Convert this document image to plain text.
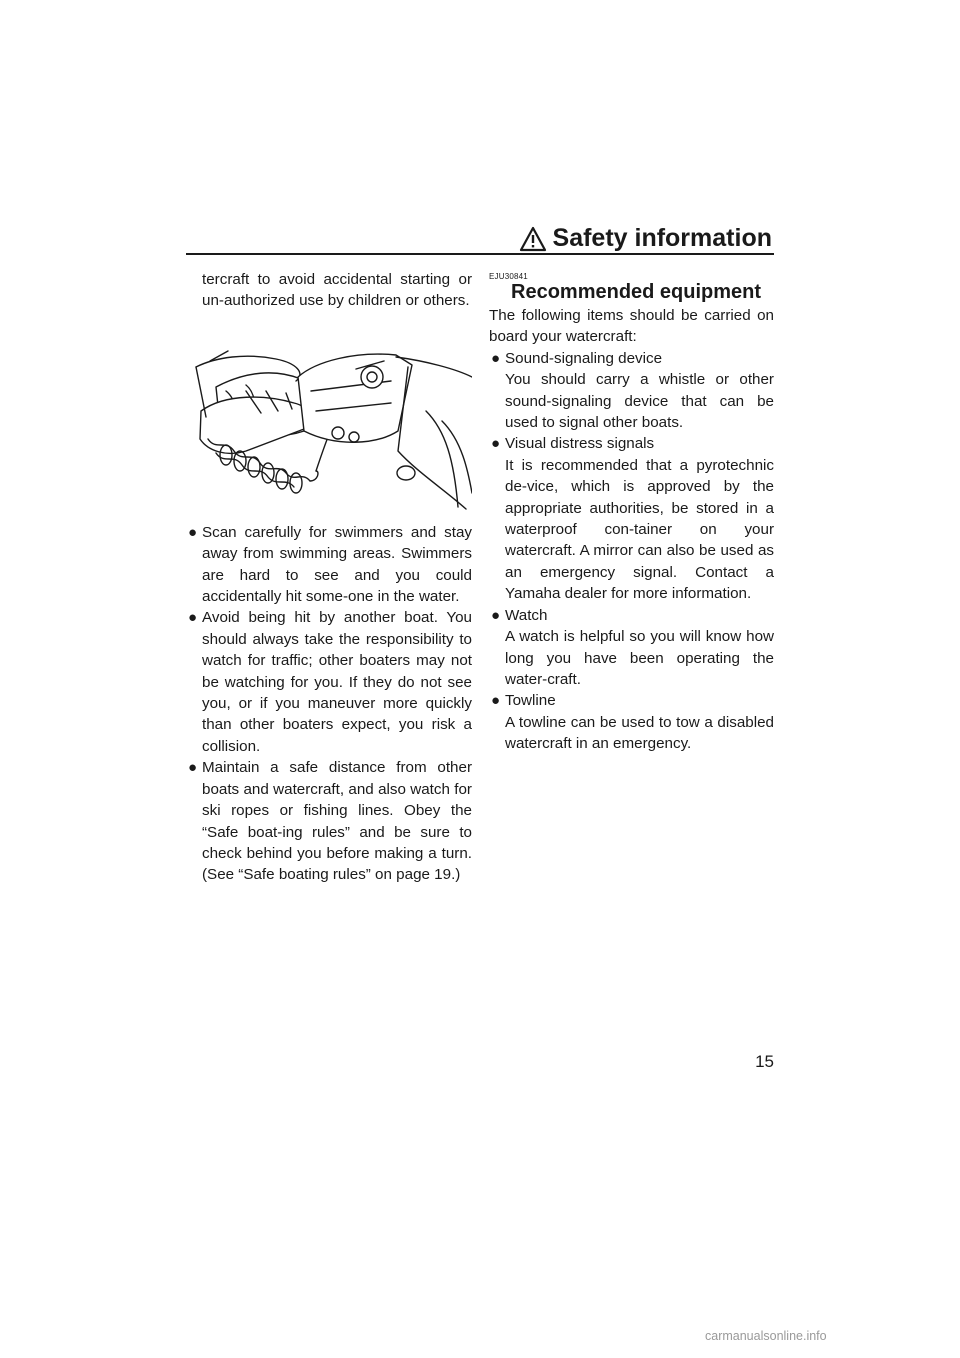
Safety information

tercraft to avoid accidental starting or un-authorized use by children or others.

● Scan carefully for swimmers and stay away from swimming areas. Swimmers are hard to see and you could accidentally hit some-one in the water.
● Avoid being hit by another boat. You should always take the responsibility to watch for traffic; other boaters may not be watching for you. If they do not see you, or if you maneuver more quickly than other boaters expect, you risk a collision.
● Maintain a safe distance from other boats and watercraft, and also watch for ski ropes or fishing lines. Obey the “Safe boat-ing rules” and be sure to check behind you before making a turn. (See “Safe boating rules” on page 19.)
EJU30841
Recommended equipment

The following items should be carried on board your watercraft:

● Sound-signaling device
You should carry a whistle or other sound-signaling device that can be used to signal other boats.
● Visual distress signals
It is recommended that a pyrotechnic de-vice, which is approved by the appropriate authorities, be stored in a waterproof con-tainer on your watercraft. A mirror can also be used as an emergency signal. Contact a Yamaha dealer for more information.
● Watch
A watch is helpful so you will know how long you have been operating the water-craft.
● Towline
A towline can be used to tow a disabled watercraft in an emergency.
15
carmanualsonline.info
